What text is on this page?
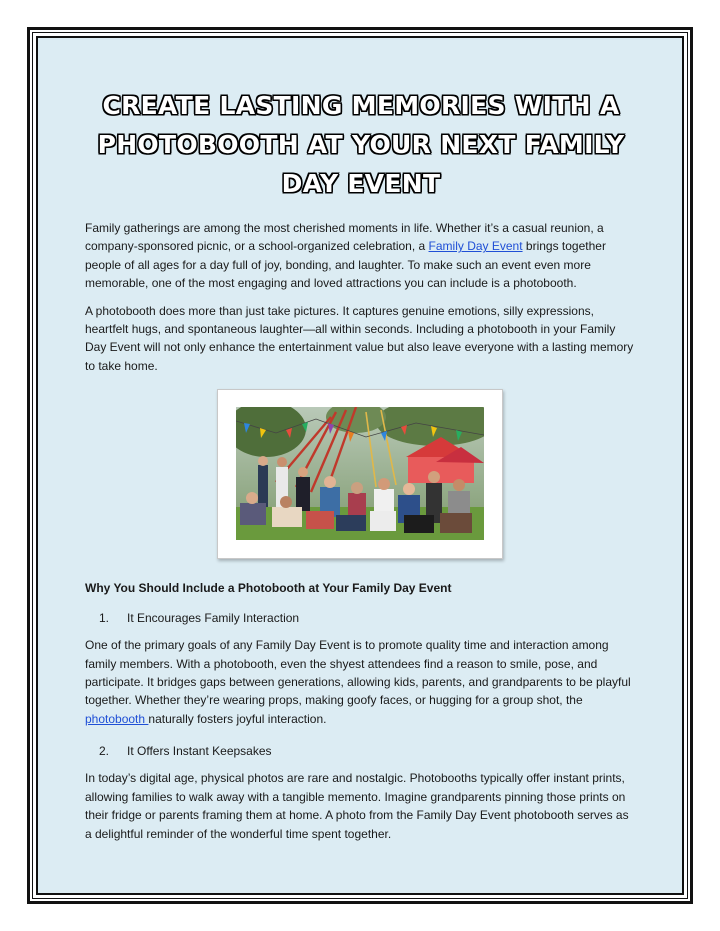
CREATE LASTING MEMORIES WITH A PHOTOBOOTH AT YOUR NEXT FAMILY DAY EVENT

Family gatherings are among the most cherished moments in life. Whether it’s a casual reunion, a company-sponsored picnic, or a school-organized celebration, a Family Day Event brings together people of all ages for a day full of joy, bonding, and laughter. To make such an event even more memorable, one of the most engaging and loved attractions you can include is a photobooth.

A photobooth does more than just take pictures. It captures genuine emotions, silly expressions, heartfelt hugs, and spontaneous laughter—all within seconds. Including a photobooth in your Family Day Event will not only enhance the entertainment value but also leave everyone with a lasting memory to take home.

Why You Should Include a Photobooth at Your Family Day Event
1. It Encourages Family Interaction

One of the primary goals of any Family Day Event is to promote quality time and interaction among family members. With a photobooth, even the shyest attendees find a reason to smile, pose, and participate. It bridges gaps between generations, allowing kids, parents, and grandparents to be playful together. Whether they’re wearing props, making goofy faces, or hugging for a group shot, the photobooth naturally fosters joyful interaction.

2. It Offers Instant Keepsakes

In today’s digital age, physical photos are rare and nostalgic. Photobooths typically offer instant prints, allowing families to walk away with a tangible memento. Imagine grandparents pinning those prints on their fridge or parents framing them at home. A photo from the Family Day Event photobooth serves as a delightful reminder of the wonderful time spent together.
